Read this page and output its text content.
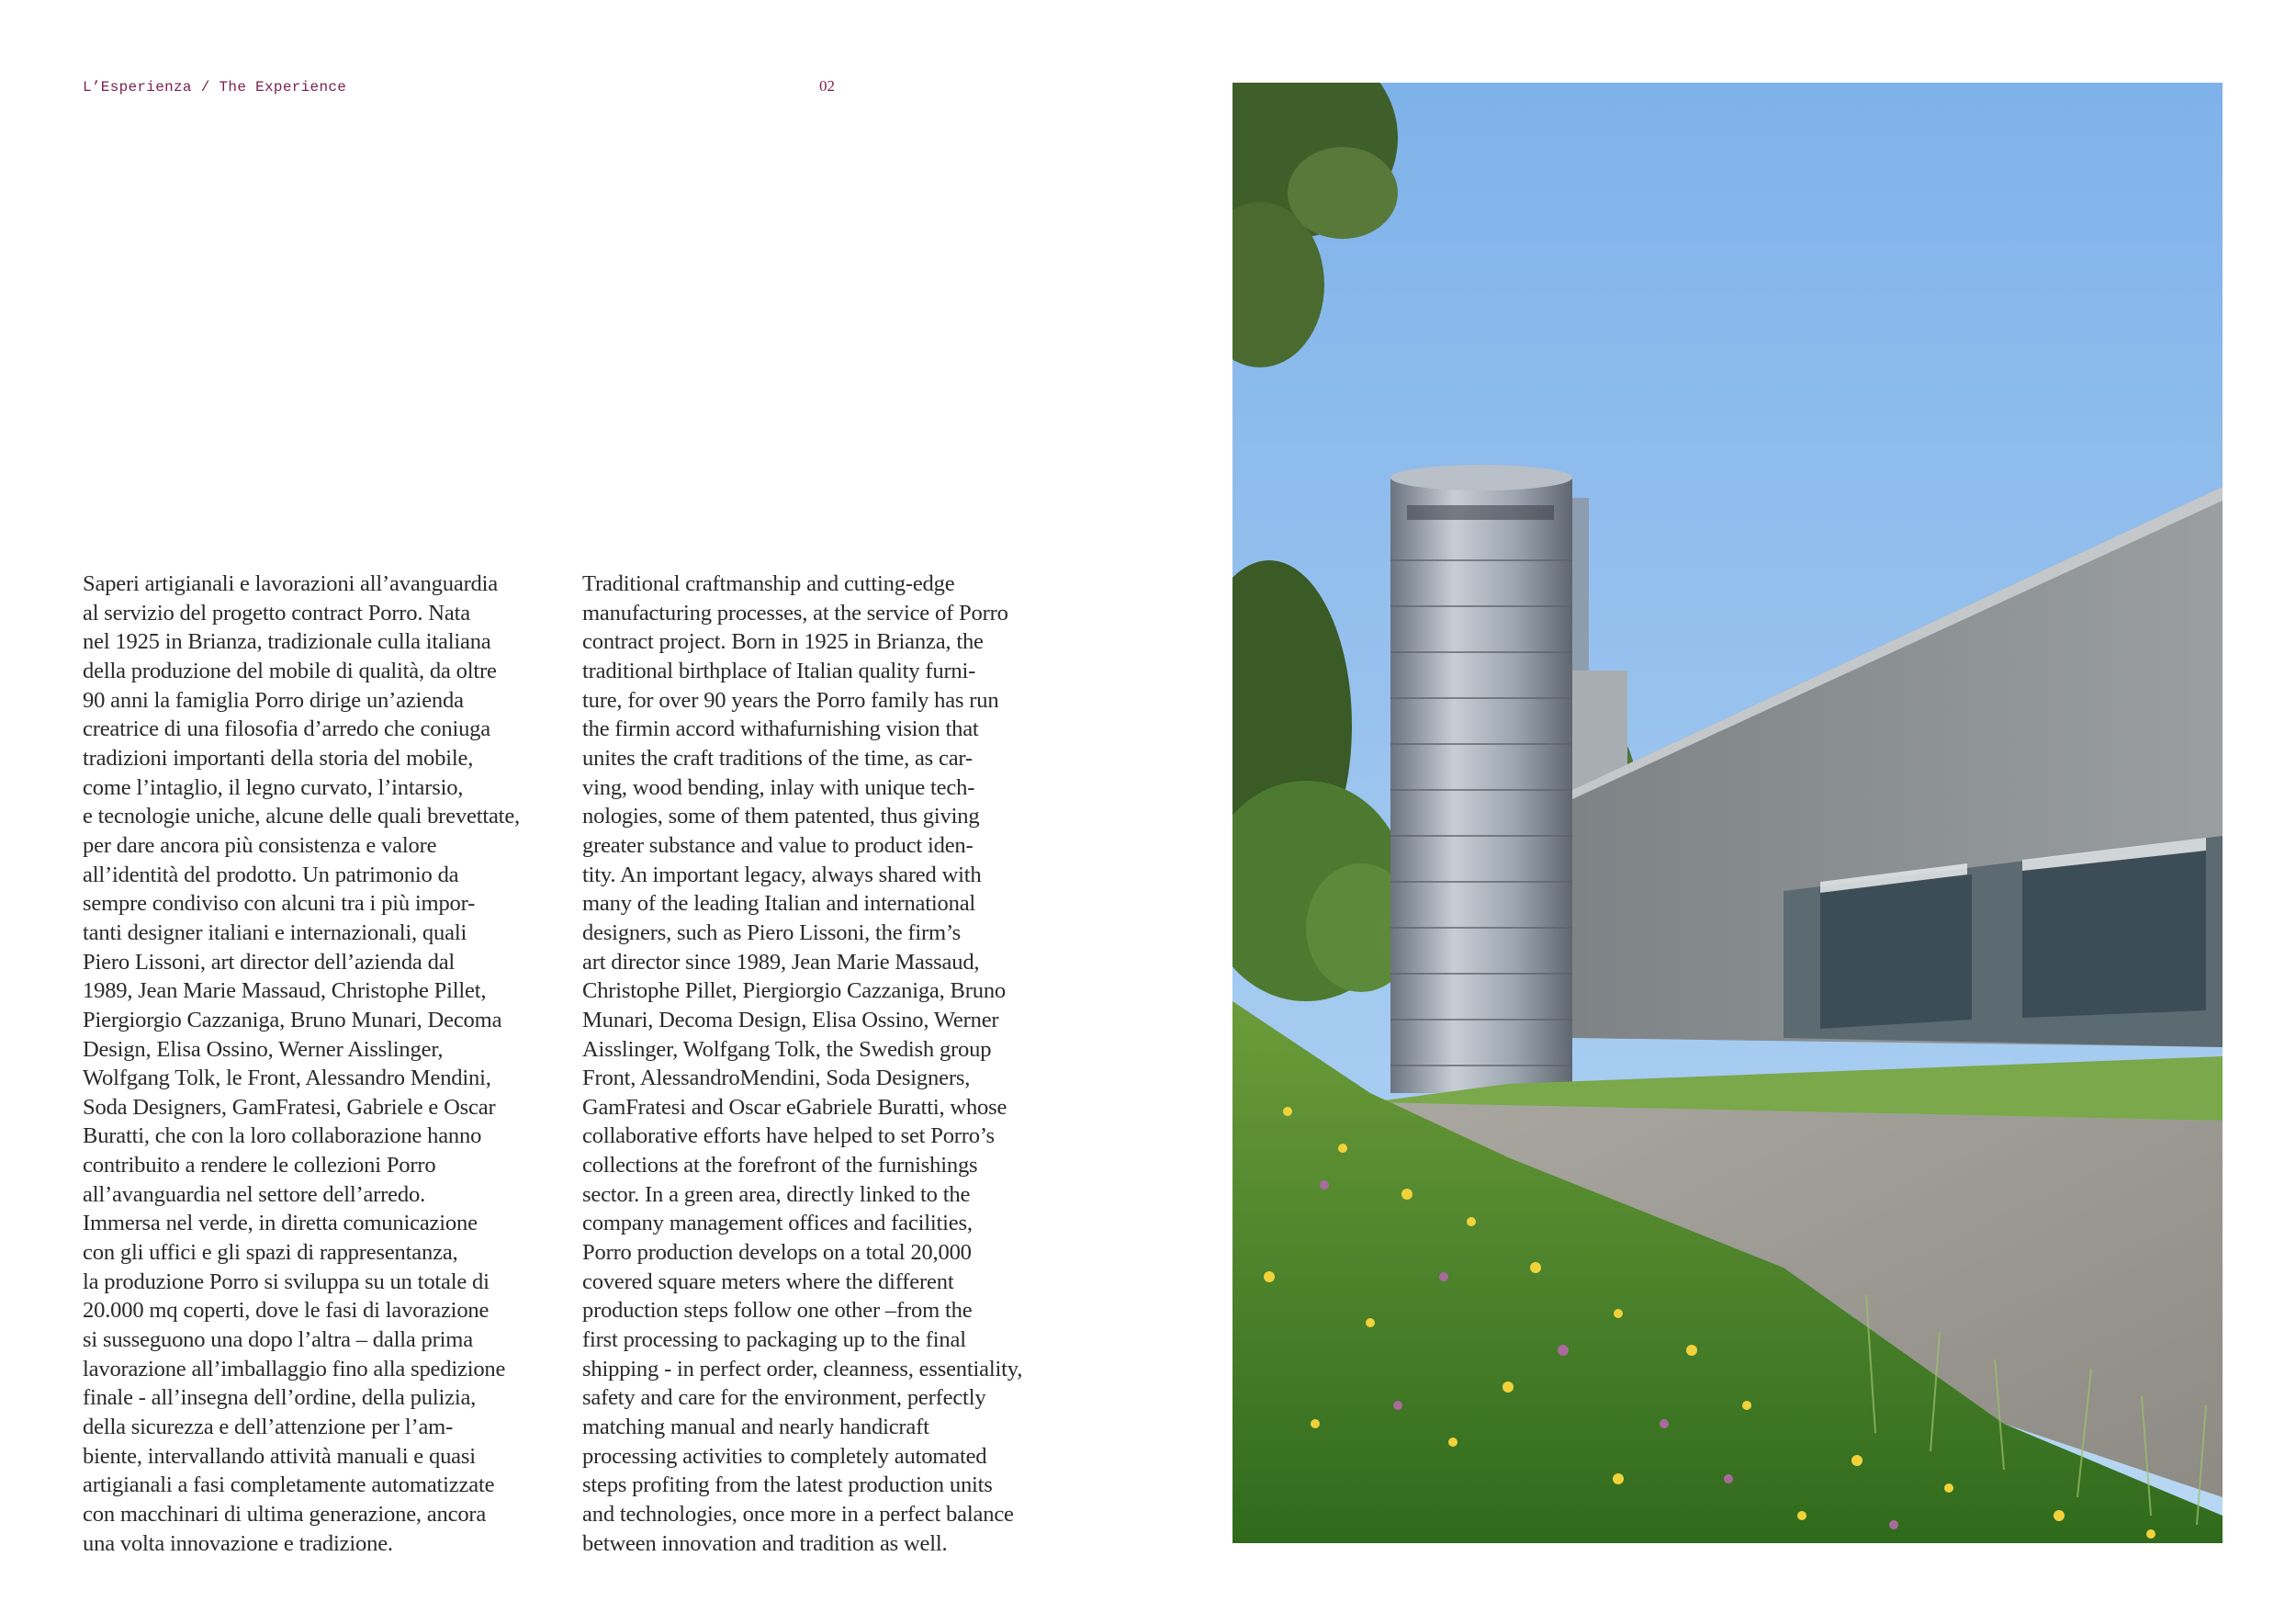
L’Esperienza / The Experience	02
Saperi artigianali e lavorazioni all’avanguardia
al servizio del progetto contract Porro. Nata
nel 1925 in Brianza, tradizionale culla italiana
della produzione del mobile di qualità, da oltre
90 anni la famiglia Porro dirige un’azienda
creatrice di una filosofia d’arredo che coniuga
tradizioni importanti della storia del mobile,
come l’intaglio, il legno curvato, l’intarsio,
e tecnologie uniche, alcune delle quali brevettate,
per dare ancora più consistenza e valore
all’identità del prodotto. Un patrimonio da
sempre condiviso con alcuni tra i più impor-
tanti designer italiani e internazionali, quali
Piero Lissoni, art director dell’azienda dal
1989, Jean Marie Massaud, Christophe Pillet,
Piergiorgio Cazzaniga, Bruno Munari, Decoma
Design, Elisa Ossino, Werner Aisslinger,
Wolfgang Tolk, le Front, Alessandro Mendini,
Soda Designers, GamFratesi, Gabriele e Oscar
Buratti, che con la loro collaborazione hanno
contribuito a rendere le collezioni Porro
all’avanguardia nel settore dell’arredo.
Immersa nel verde, in diretta comunicazione
con gli uffici e gli spazi di rappresentanza,
la produzione Porro si sviluppa su un totale di
20.000 mq coperti, dove le fasi di lavorazione
si susseguono una dopo l’altra – dalla prima
lavorazione all’imballaggio fino alla spedizione
finale - all’insegna dell’ordine, della pulizia,
della sicurezza e dell’attenzione per l’am-
biente, intervallando attività manuali e quasi
artigianali a fasi completamente automatizzate
con macchinari di ultima generazione, ancora
una volta innovazione e tradizione.
Traditional craftmanship and cutting-edge
manufacturing processes, at the service of Porro
contract project. Born in 1925 in Brianza, the
traditional birthplace of Italian quality furni-
ture, for over 90 years the Porro family has run
the firmin accord withafurnishing vision that
unites the craft traditions of the time, as car-
ving, wood bending, inlay with unique tech-
nologies, some of them patented, thus giving
greater substance and value to product iden-
tity. An important legacy, always shared with
many of the leading Italian and international
designers, such as Piero Lissoni, the firm’s
art director since 1989, Jean Marie Massaud,
Christophe Pillet, Piergiorgio Cazzaniga, Bruno
Munari, Decoma Design, Elisa Ossino, Werner
Aisslinger, Wolfgang Tolk, the Swedish group
Front, AlessandroMendini, Soda Designers,
GamFratesi and Oscar eGabriele Buratti, whose
collaborative efforts have helped to set Porro’s
collections at the forefront of the furnishings
sector. In a green area, directly linked to the
company management offices and facilities,
Porro production develops on a total 20,000
covered square meters where the different
production steps follow one other –from the
first processing to packaging up to the final
shipping - in perfect order, cleanness, essentiality,
safety and care for the environment, perfectly
matching manual and nearly handicraft
processing activities to completely automated
steps profiting from the latest production units
and technologies, once more in a perfect balance
between innovation and tradition as well.
